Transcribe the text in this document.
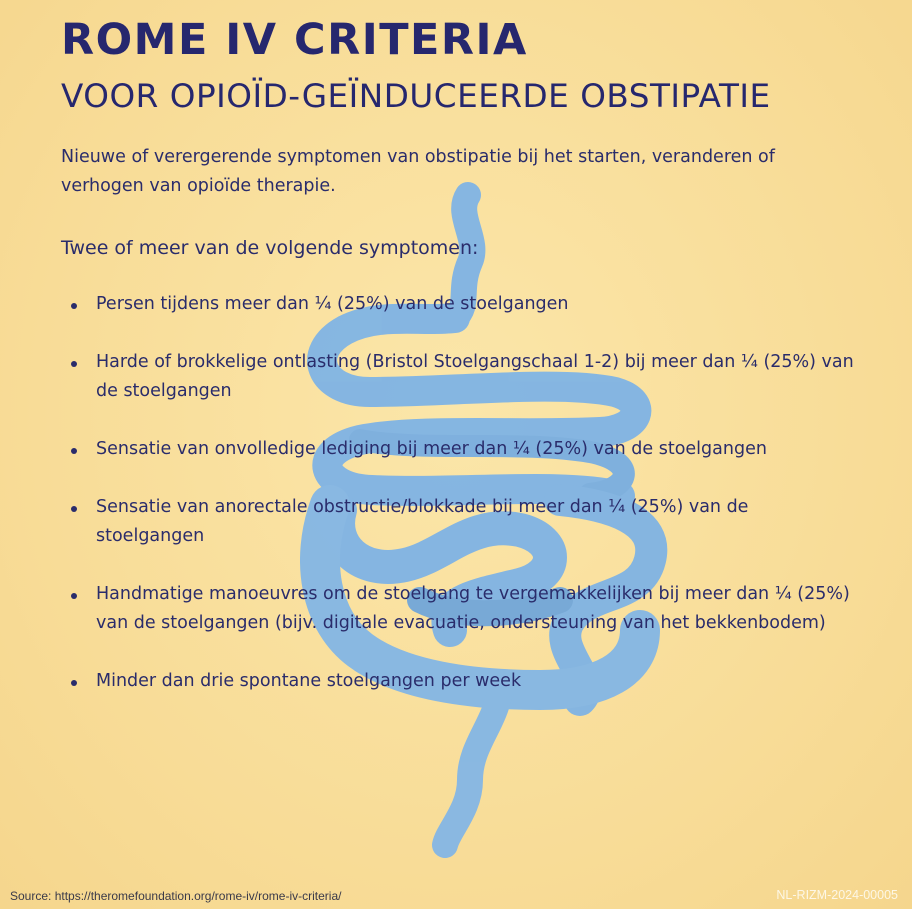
ROME IV CRITERIA
VOOR OPIOÏD-GEÏNDUCEERDE OBSTIPATIE

Nieuwe of verergerende symptomen van obstipatie bij het starten, veranderen of verhogen van opioïde therapie.

Twee of meer van de volgende symptomen:

Persen tijdens meer dan ¼ (25%) van de stoelgangen
Harde of brokkelige ontlasting (Bristol Stoelgangschaal 1-2) bij meer dan ¼ (25%) van de stoelgangen
Sensatie van onvolledige lediging bij meer dan ¼ (25%) van de stoelgangen
Sensatie van anorectale obstructie/blokkade bij meer dan ¼ (25%) van de stoelgangen
Handmatige manoeuvres om de stoelgang te vergemakkelijken bij meer dan ¼ (25%) van de stoelgangen (bijv. digitale evacuatie, ondersteuning van het bekkenbodem)
Minder dan drie spontane stoelgangen per week

Source: https://theromefoundation.org/rome-iv/rome-iv-criteria/	NL-RIZM-2024-00005
